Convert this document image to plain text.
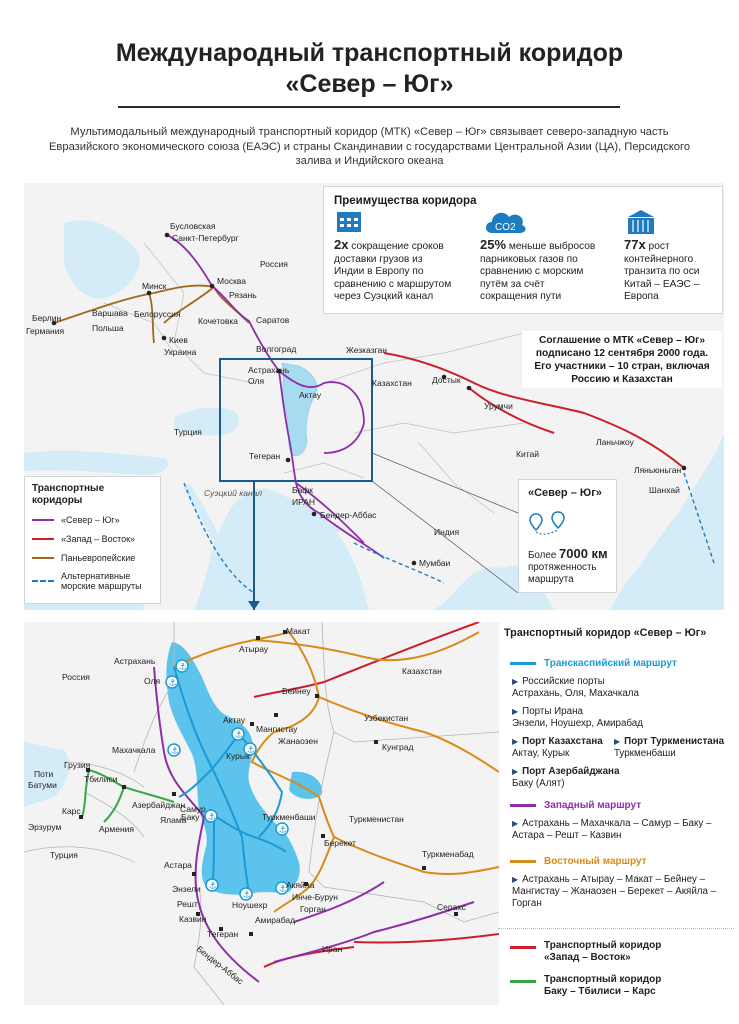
Международный транспортный коридор
«Север – Юг»
Мультимодальный международный транспортный коридор (МТК) «Север – Юг» связывает северо-западную часть Евразийского экономического союза (ЕАЭС) и страны Скандинавии с государствами Центральной Азии (ЦА), Персидского залива и Индийского океана
Бусловская
Санкт-Петербург
Россия
Москва
Рязань
Минск
Белоруссия
Варшава
Польша
Берлин
Германия
Кочетовка Саратов
Киев
Украина	Волгоград
Астрахань
Оля
Актау
Турция
Тегеран
Бафк
ИРАН
Бендер-Аббас
Индия
Мумбаи
Жезказган
Казахстан Достык
Урумчи
Китай
Ланьчжоу
Ляньюньган
Шанхай
Суэцкий канал
Преимущества коридора
2x сокращение сроков доставки грузов из Индии в Европу по сравнению с маршрутом через Суэцкий канал
CO2
25% меньше выбросов парниковых газов по сравнению с морским путём за счёт сокращения пути
77x рост контейнерного транзита по оси Китай – ЕАЭС – Европа
Соглашение о МТК «Север – Юг» подписано 12 сентября 2000 года. Его участники – 10 стран, включая Россию и Казахстан
Транспортные коридоры
«Север – Юг»
«Запад – Восток»
Паньевропейские
Альтернативные морские маршруты
«Север – Юг»
Более 7000 км
протяженность
маршрута
⚓
⚓
⚓
⚓
⚓
⚓
⚓
⚓
⚓
⚓
Макат
Атырау
Казахстан
Россия
Астрахань
Оля
Бейнеу
Узбекистан
Актау
Мангистау
Махачкала
Жанаозен
Курык
Кунград
Грузия
Поти	Тбилиси
Батуми
Самур
Ялама
Азербайджан
Карс
Баку	Туркменбаши
Армения
Эрзурум
Туркменистан
Турция
Берекет
Астара
Туркменабад
Энзели	Акяйла
Инче-Бурун
Ноушехр
Решт	Горган
Амирабад
Серахс
Казвин
Тегеран
Иран
Бендер-Аббас
Транспортный коридор «Север – Юг»
Транскаспийский маршрут
▶ Российские порты
Астрахань, Оля, Махачкала
▶ Порты Ирана
Энзели, Ноушехр, Амирабад
▶ Порт Казахстана
Актау, Курык
▶ Порт Туркменистана
Туркменбаши
▶ Порт Азербайджана
Баку (Алят)
Западный маршрут
▶ Астрахань – Махачкала – Самур – Баку – Астара – Решт – Казвин
Восточный маршрут
▶ Астрахань – Атырау – Макат – Бейнеу – Мангистау – Жанаозен – Берекет – Акяйла – Горган
Транспортный коридор
«Запад – Восток»
Транспортный коридор
Баку – Тбилиси – Карс
